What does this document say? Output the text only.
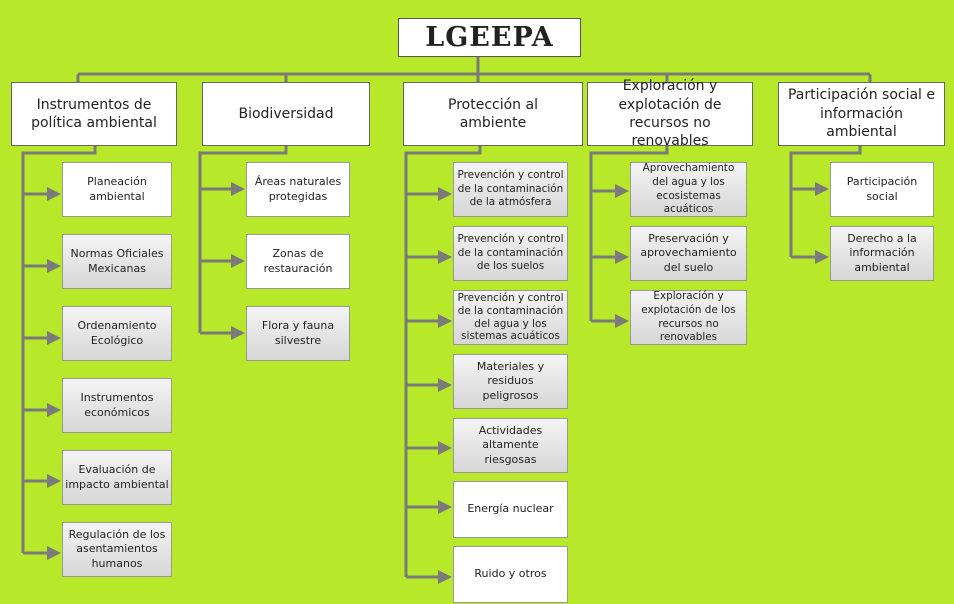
LGEEPA
Instrumentos de política ambiental
Biodiversidad
Protección al ambiente
Exploración y explotación de recursos no renovables
Participación social e información ambiental
Planeación ambiental
Normas Oficiales Mexicanas
Ordenamiento Ecológico
Instrumentos económicos
Evaluación de impacto ambiental
Regulación de los asentamientos humanos
Áreas naturales protegidas
Zonas de restauración
Flora y fauna silvestre
Prevención y control de la contaminación de la atmósfera
Prevención y control de la contaminación de los suelos
Prevención y control de la contaminación del agua y los sistemas acuáticos
Materiales y residuos peligrosos
Actividades altamente riesgosas
Energía nuclear
Ruido y otros
Aprovechamiento del agua y los ecosistemas acuáticos
Preservación y aprovechamiento del suelo
Exploración y explotación de los recursos no renovables
Participación social
Derecho a la información ambiental
